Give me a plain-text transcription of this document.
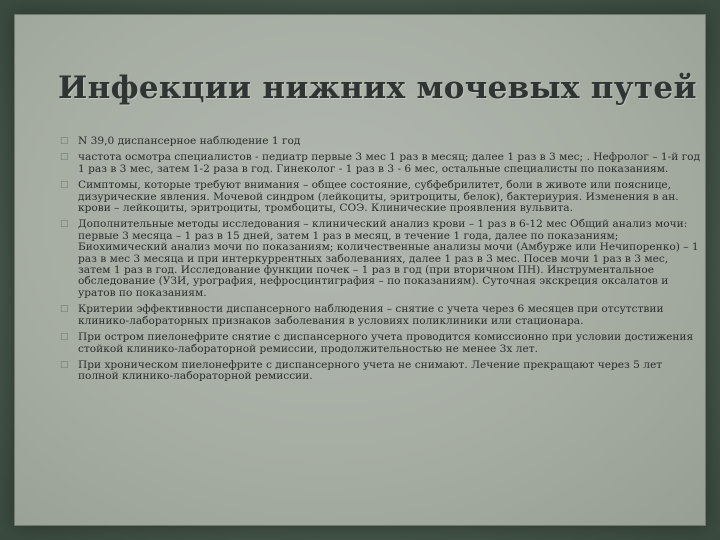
Инфекции нижних мочевых путей
□ N 39,0 диспансерное наблюдение 1 год
□ частота осмотра специалистов - педиатр первые 3 мес 1 раз в месяц; далее 1 раз в 3 мес; . Нефролог – 1-й год 1 раз в 3 мес, затем 1-2 раза в год. Гинеколог - 1 раз в 3 - 6 мес, остальные специалисты по показаниям.
□ Симптомы, которые требуют внимания – общее состояние, субфебрилитет, боли в животе или пояснице, дизурические явления. Мочевой синдром (лейкоциты, эритроциты, белок), бактериурия. Изменения в ан. крови – лейкоциты, эритроциты, тромбоциты, СОЭ. Клинические проявления вульвита.
□ Дополнительные методы исследования – клинический анализ крови – 1 раз в 6-12 мес Общий анализ мочи: первые 3 месяца – 1 раз в 15 дней, затем 1 раз в месяц, в течение 1 года, далее по показаниям; Биохимический анализ мочи по показаниям; количественные анализы мочи (Амбурже или Нечипоренко) – 1 раз в мес 3 месяца и при интеркуррентных заболеваниях, далее 1 раз в 3 мес. Посев мочи 1 раз в 3 мес, затем 1 раз в год. Исследование функции почек – 1 раз в год (при вторичном ПН). Инструментальное обследование (УЗИ, урография, нефросцинтиграфия – по показаниям). Суточная экскреция оксалатов и уратов по показаниям.
□ Критерии эффективности диспансерного наблюдения – снятие с учета через 6 месяцев при отсутствии клинико-лабораторных признаков заболевания в условиях поликлиники или стационара.
□ При остром пиелонефрите снятие с диспансерного учета проводится комиссионно при условии достижения стойкой клинико-лабораторной ремиссии, продолжительностью не менее 3х лет.
□ При хроническом пиелонефрите с диспансерного учета не снимают. Лечение прекращают через 5 лет полной клинико-лабораторной ремиссии.
